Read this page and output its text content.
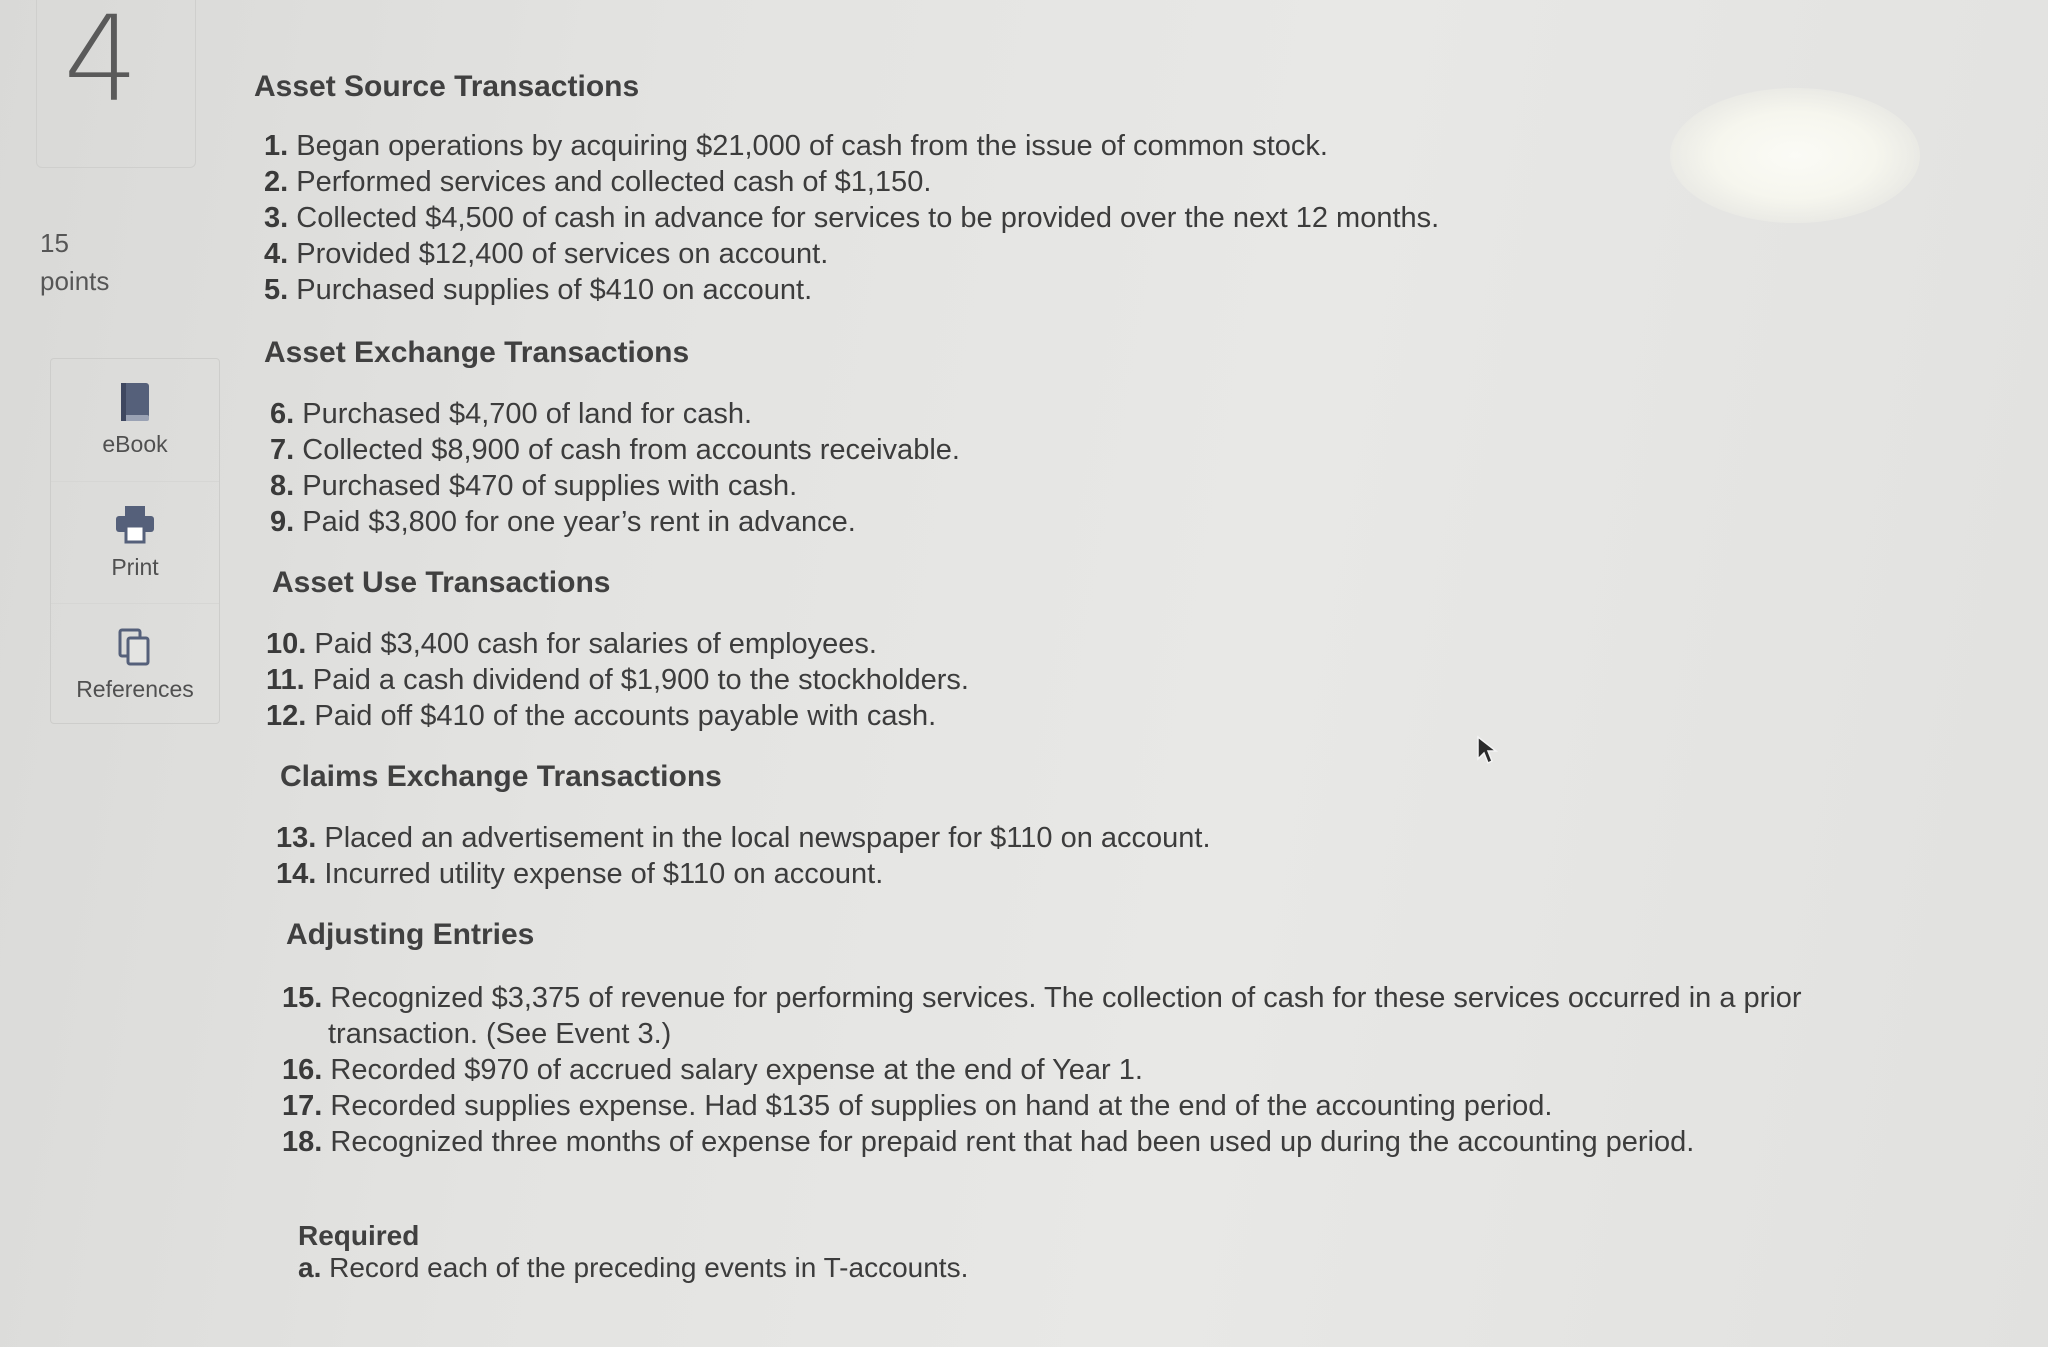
4
15
points
eBook
Print
References
Asset Source Transactions
1. Began operations by acquiring $21,000 of cash from the issue of common stock.
2. Performed services and collected cash of $1,150.
3. Collected $4,500 of cash in advance for services to be provided over the next 12 months.
4. Provided $12,400 of services on account.
5. Purchased supplies of $410 on account.
Asset Exchange Transactions
6. Purchased $4,700 of land for cash.
7. Collected $8,900 of cash from accounts receivable.
8. Purchased $470 of supplies with cash.
9. Paid $3,800 for one year’s rent in advance.
Asset Use Transactions
10. Paid $3,400 cash for salaries of employees.
11. Paid a cash dividend of $1,900 to the stockholders.
12. Paid off $410 of the accounts payable with cash.
Claims Exchange Transactions
13. Placed an advertisement in the local newspaper for $110 on account.
14. Incurred utility expense of $110 on account.
Adjusting Entries
15. Recognized $3,375 of revenue for performing services. The collection of cash for these services occurred in a prior transaction. (See Event 3.)
16. Recorded $970 of accrued salary expense at the end of Year 1.
17. Recorded supplies expense. Had $135 of supplies on hand at the end of the accounting period.
18. Recognized three months of expense for prepaid rent that had been used up during the accounting period.
Required
a. Record each of the preceding events in T-accounts.
